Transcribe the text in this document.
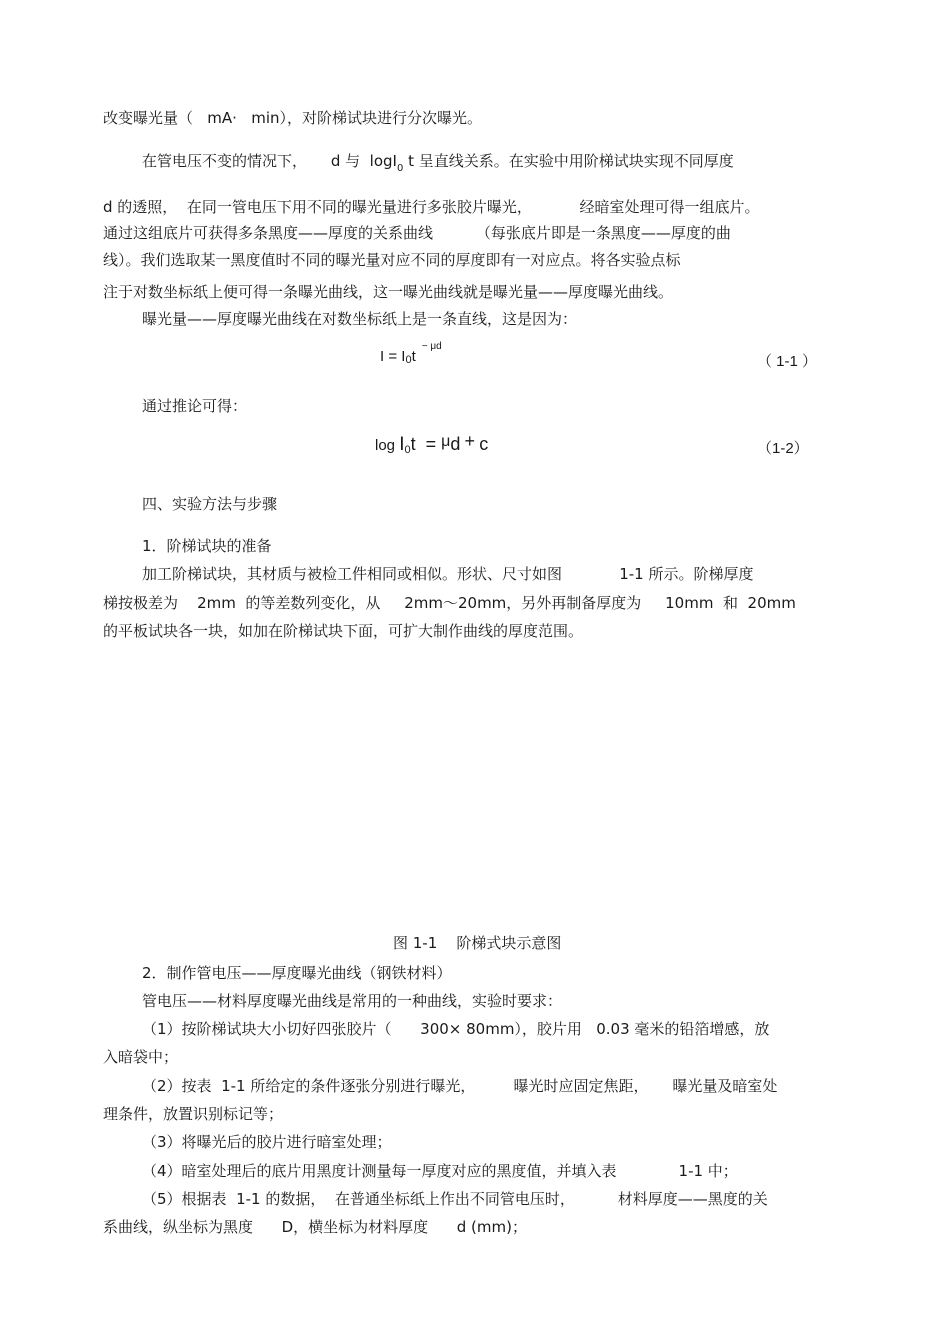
改变曝光量（   mA·   min），对阶梯试块进行分次曝光。
在管电压不变的情况下，     d 与  logI$_0$ t 呈直线关系。在实验中用阶梯试块实现不同厚度
d 的透照，  在同一管电压下用不同的曝光量进行多张胶片曝光，          经暗室处理可得一组底片。
通过这组底片可获得多条黑度——厚度的关系曲线         （每张底片即是一条黑度——厚度的曲
线）。我们选取某一黑度值时不同的曝光量对应不同的厚度即有一对应点。将各实验点标
注于对数坐标纸上便可得一条曝光曲线，这一曝光曲线就是曝光量——厚度曝光曲线。
曝光量——厚度曝光曲线在对数坐标纸上是一条直线，这是因为：
$I = I0t^{- \mu d}$
（ 1-1 ）
通过推论可得：
$\log I_0t = \mu d + c$	（1-2）
四、实验方法与步骤
1．阶梯试块的准备
加工阶梯试块，其材质与被检工件相同或相似。形状、尺寸如图            1-1 所示。阶梯厚度
梯按极差为    2mm  的等差数列变化，从     2mm～20mm，另外再制备厚度为     10mm  和  20mm
的平板试块各一块，如加在阶梯试块下面，可扩大制作曲线的厚度范围。
图 1-1    阶梯式块示意图
2．制作管电压——厚度曝光曲线（钢铁材料）
管电压——材料厚度曝光曲线是常用的一种曲线，实验时要求：
（1）按阶梯试块大小切好四张胶片（      300× 80mm），胶片用   0.03 毫米的铅箔增感，放
入暗袋中；
（2）按表  1-1 所给定的条件逐张分别进行曝光，        曝光时应固定焦距，     曝光量及暗室处
理条件，放置识别标记等；
（3）将曝光后的胶片进行暗室处理；
（4）暗室处理后的底片用黑度计测量每一厚度对应的黑度值，并填入表             1-1 中；
（5）根据表  1-1 的数据，  在普通坐标纸上作出不同管电压时，         材料厚度——黑度的关
系曲线，纵坐标为黑度      D，横坐标为材料厚度      d (mm)；
